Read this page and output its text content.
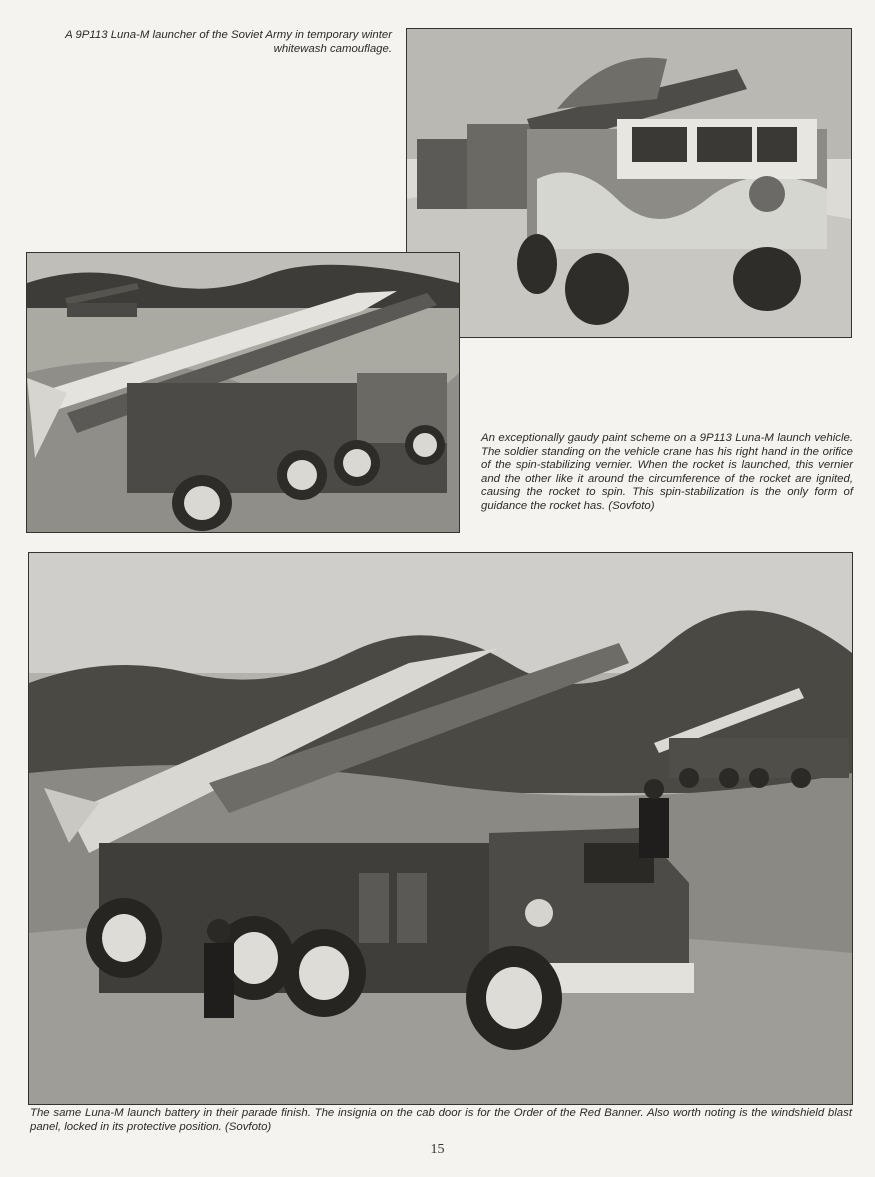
A 9P113 Luna-M launcher of the Soviet Army in temporary winter whitewash camouflage.

An exceptionally gaudy paint scheme on a 9P113 Luna-M launch vehicle. The soldier standing on the vehicle crane has his right hand in the orifice of the spin-stabilizing vernier. When the rocket is launched, this vernier and the other like it around the circumference of the rocket are ignited, causing the rocket to spin. This spin-stabilization is the only form of guidance the rocket has. (Sovfoto)

The same Luna-M launch battery in their parade finish. The insignia on the cab door is for the Order of the Red Banner. Also worth noting is the windshield blast panel, locked in its protective position. (Sovfoto)

15
